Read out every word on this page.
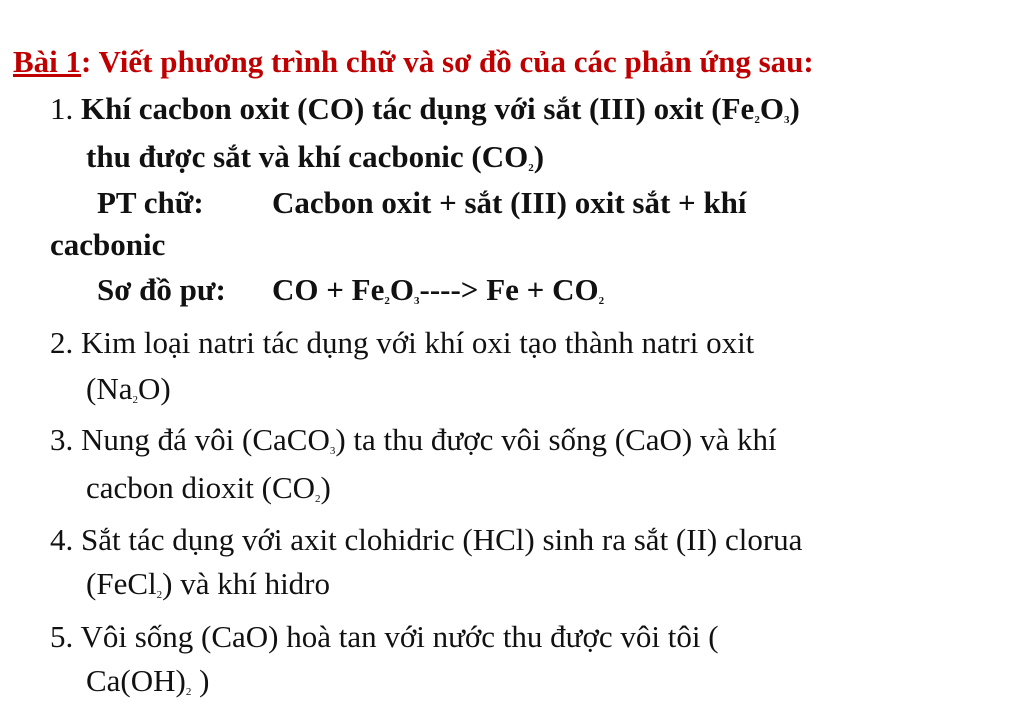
Bài 1: Viết phương trình chữ và sơ đồ của các phản ứng sau:
1. Khí cacbon oxit (CO) tác dụng với sắt (III) oxit $(Fe_2O_3)$
thu được sắt và khí cacbonic $(CO_2)$
PT chữ: Cacbon oxit + sắt (III) oxit sắt + khí
cacbonic
Sơ đồ pư: CO + $Fe_2O_3----> Fe + CO_2$
2. Kim loại natri tác dụng với khí oxi tạo thành natri oxit
$(Na_2O)$
3. Nung đá vôi (CaCO$_3$) ta thu được vôi sống (CaO) và khí
cacbon dioxit $(CO_2)$
4. Sắt tác dụng với axit clohidric (HCl) sinh ra sắt (II) clorua
(FeCl$_2$) và khí hidro
5. Vôi sống (CaO) hoà tan với nước thu được vôi tôi (
$Ca(OH)_2$ )
